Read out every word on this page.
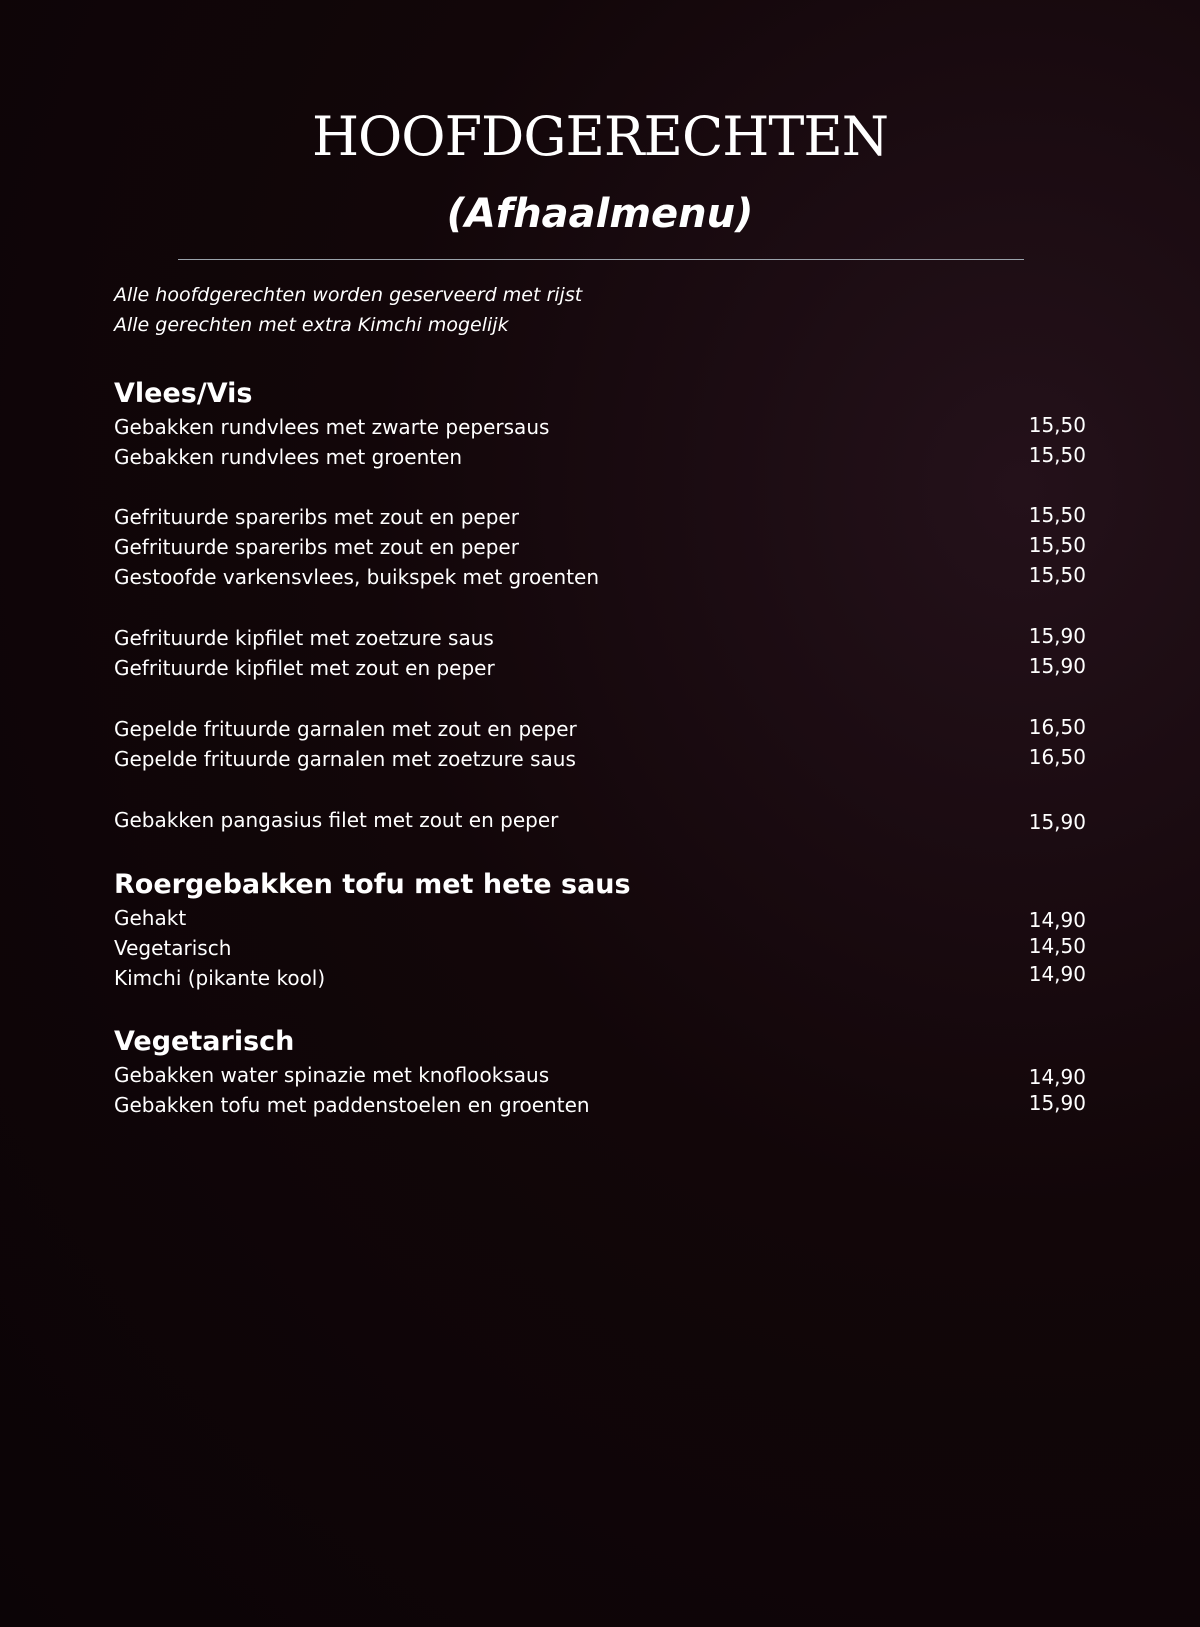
HOOFDGERECHTEN
(Afhaalmenu)
Alle hoofdgerechten worden geserveerd met rijst
Alle gerechten met extra Kimchi mogelijk
Vlees/Vis
Gebakken rundvlees met zwarte pepersaus	15,50
Gebakken rundvlees met groenten	15,50
Gefrituurde spareribs met zout en peper	15,50
Gefrituurde spareribs met zout en peper	15,50
Gestoofde varkensvlees, buikspek met groenten	15,50
Gefrituurde kipfilet met zoetzure saus	15,90
Gefrituurde kipfilet met zout en peper	15,90
Gepelde frituurde garnalen met zout en peper	16,50
Gepelde frituurde garnalen met zoetzure saus	16,50
Gebakken pangasius filet met zout en peper	15,90
Roergebakken tofu met hete saus
Gehakt	14,90
Vegetarisch	14,50
Kimchi (pikante kool)	14,90
Vegetarisch
Gebakken water spinazie met knoflooksaus	14,90
Gebakken tofu met paddenstoelen en groenten	15,90
